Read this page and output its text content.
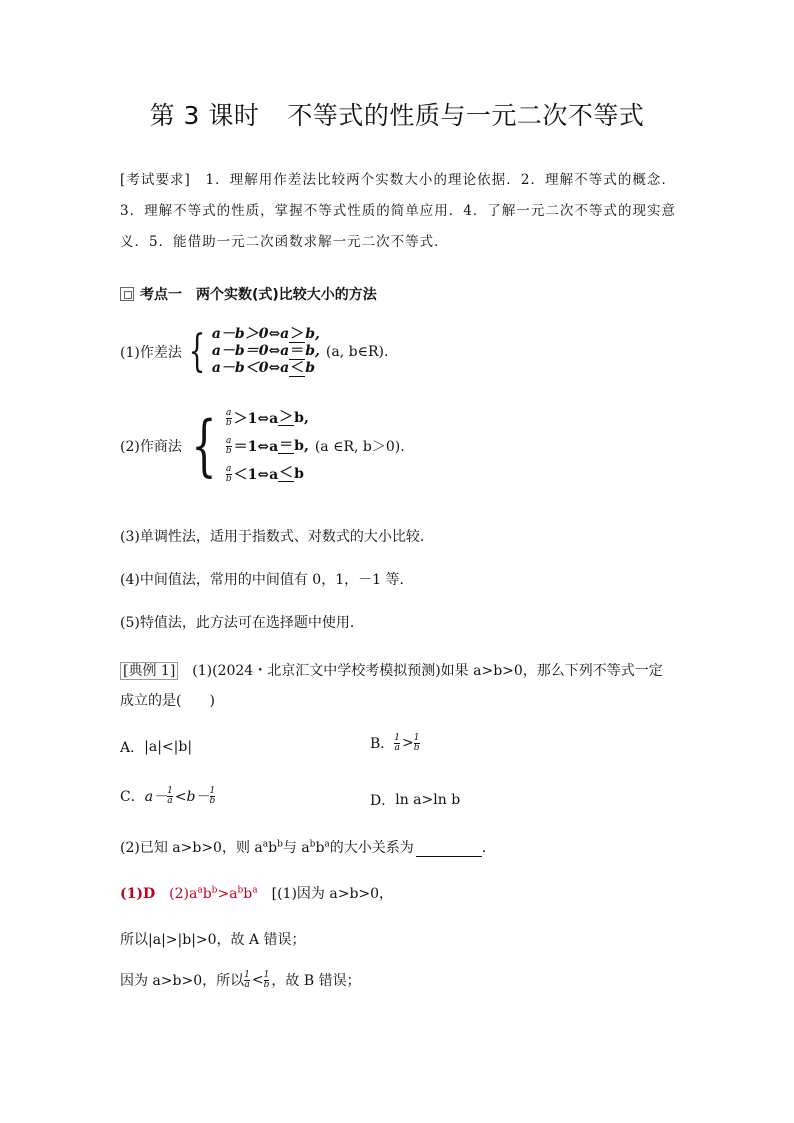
第 3 课时 不等式的性质与一元二次不等式
[考试要求]　 1．理解用作差法比较两个实数大小的理论依据．2．理解不等式的概念．3．理解不等式的性质，掌握不等式性质的简单应用．4．了解一元二次不等式的现实意义．5．能借助一元二次函数求解一元二次不等式．
考点一 两个实数(式)比较大小的方法
(1)作差法 { a－b＞0⇔a＞b,
a－b＝0⇔a＝b,
a－b＜0⇔a＜b
(a, b∈R).
(2)作商法 { $\frac{a}{b}$ ＞1⇔a ＞ b,
$\frac{a}{b}$ ＝1⇔a ＝ b, (a ∈R, b＞0).
$\frac{a}{b}$ ＜1⇔a ＜ b
(3)单调性法，适用于指数式、对数式的大小比较．
(4)中间值法，常用的中间值有 0，1，－1 等．
(5)特值法，此方法可在选择题中使用．
[典例 1]　 (1)(2024・北京汇文中学校考模拟预测)如果 a>b>0，那么下列不等式一定成立的是(　　)
A． |a|<|b|	B． $\frac{1}{a} > \frac{1}{b}$
C． $a- \frac{1}{a} <b- \frac{1}{b}$	D． ln a>ln b
(2)已知 a>b>0，则 $a^ab^b$与 $a^bb^a$的大小关系为	．
(1)D　 $(2)a^ab^b>a^bb^a$　 [(1)因为 a>b>0，
所以|a|>|b|>0，故 A 错误；
因为 a>b>0，所以 $\frac{1}{a} < \frac{1}{b}$ ，故 B 错误；
